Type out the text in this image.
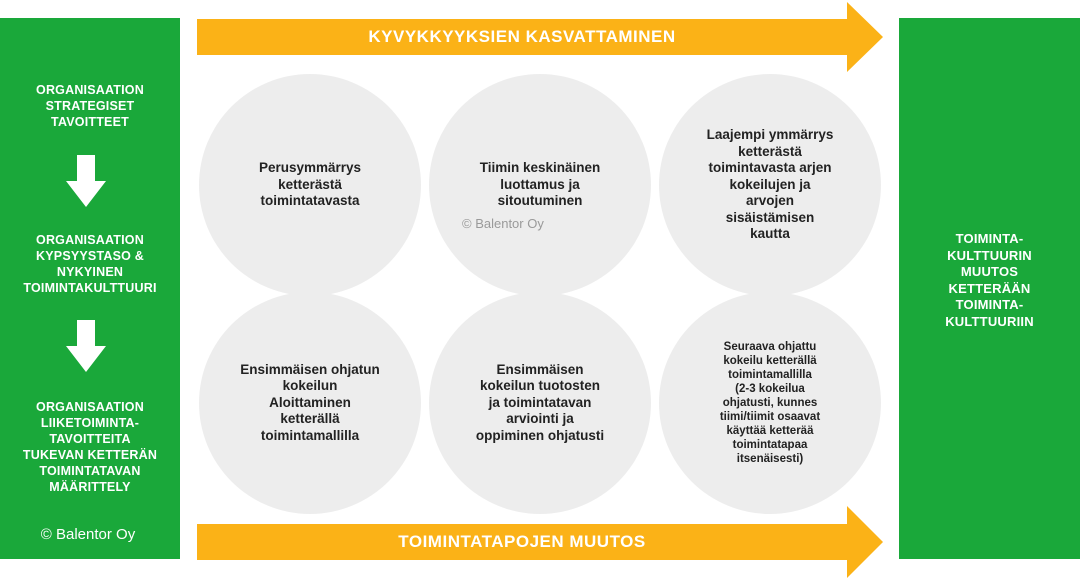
ORGANISAATION
STRATEGISET
TAVOITTEET
ORGANISAATION
KYPSYYSTASO &
NYKYINEN
TOIMINTAKULTTUURI
ORGANISAATION
LIIKETOIMINTA-
TAVOITTEITA
TUKEVAN KETTERÄN
TOIMINTATAVAN
MÄÄRITTELY
© Balentor Oy
KYVYKKYYKSIEN KASVATTAMINEN
Perusymmärrys
ketterästä
toimintatavasta
Tiimin keskinäinen
luottamus ja
sitoutuminen
Laajempi ymmärrys
ketterästä
toimintavasta arjen
kokeilujen ja
arvojen
sisäistämisen
kautta
Ensimmäisen ohjatun
kokeilun
Aloittaminen
ketterällä
toimintamallilla
Ensimmäisen
kokeilun tuotosten
ja toimintatavan
arviointi ja
oppiminen ohjatusti
Seuraava ohjattu
kokeilu ketterällä
toimintamallilla
(2-3 kokeilua
ohjatusti, kunnes
tiimi/tiimit osaavat
käyttää ketterää
toimintatapaa
itsenäisesti)
© Balentor Oy
TOIMINTATAPOJEN MUUTOS
TOIMINTA-
KULTTUURIN
MUUTOS
KETTERÄÄN
TOIMINTA-
KULTTUURIIN
